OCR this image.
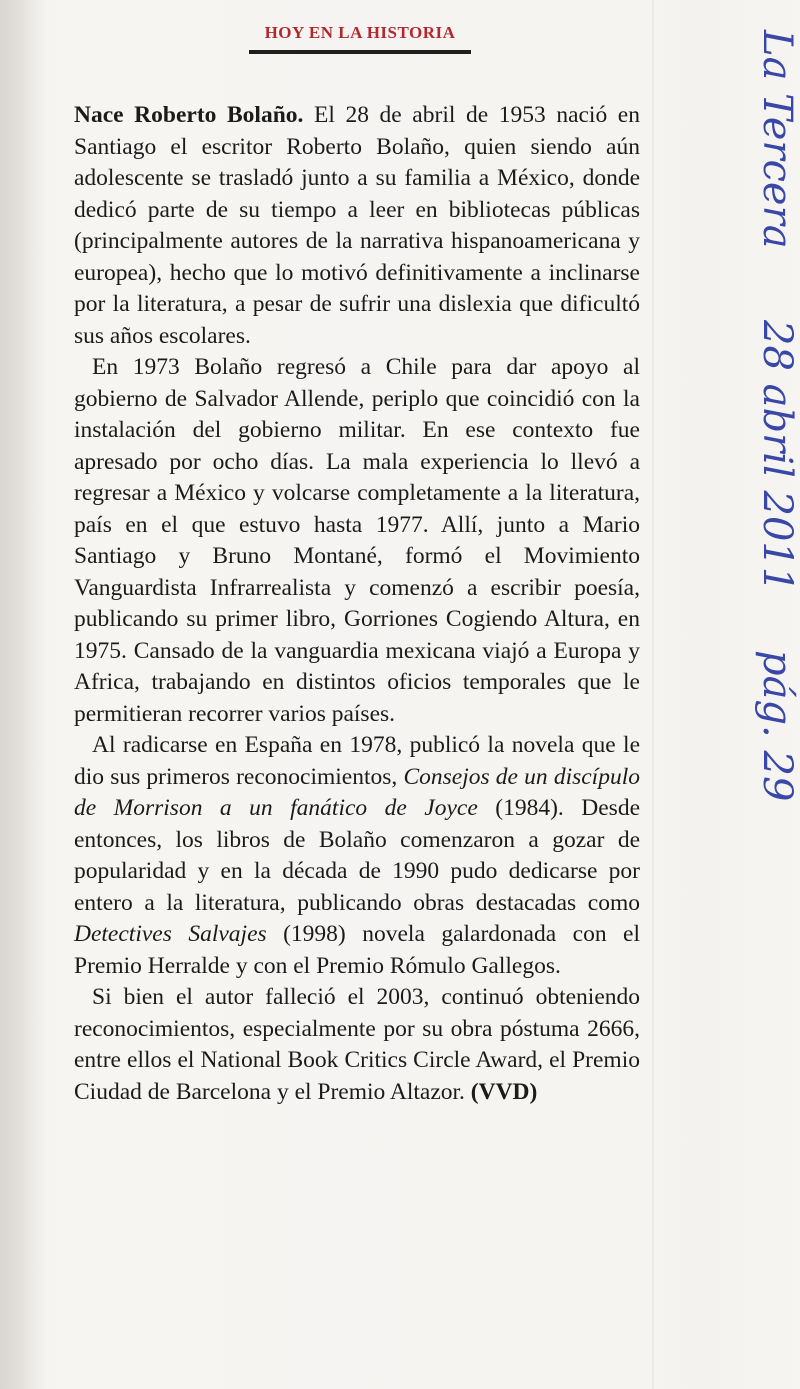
HOY EN LA HISTORIA

Nace Roberto Bolaño. El 28 de abril de 1953 nació en Santiago el escritor Roberto Bolaño, quien siendo aún adolescente se trasladó junto a su familia a México, donde dedicó parte de su tiempo a leer en bibliotecas públicas (principalmente autores de la narrativa hispanoamericana y europea), hecho que lo motivó definitivamente a inclinarse por la literatura, a pesar de sufrir una dislexia que dificultó sus años escolares.

En 1973 Bolaño regresó a Chile para dar apoyo al gobierno de Salvador Allende, periplo que coincidió con la instalación del gobierno militar. En ese contexto fue apresado por ocho días. La mala experiencia lo llevó a regresar a México y volcarse completamente a la literatura, país en el que estuvo hasta 1977. Allí, junto a Mario Santiago y Bruno Montané, formó el Movimiento Vanguardista Infrarrealista y comenzó a escribir poesía, publicando su primer libro, Gorriones Cogiendo Altura, en 1975. Cansado de la vanguardia mexicana viajó a Europa y Africa, trabajando en distintos oficios temporales que le permitieran recorrer varios países.

Al radicarse en España en 1978, publicó la novela que le dio sus primeros reconocimientos, Consejos de un discípulo de Morrison a un fanático de Joyce (1984). Desde entonces, los libros de Bolaño comenzaron a gozar de popularidad y en la década de 1990 pudo dedicarse por entero a la literatura, publicando obras destacadas como Detectives Salvajes (1998) novela galardonada con el Premio Herralde y con el Premio Rómulo Gallegos.

Si bien el autor falleció el 2003, continuó obteniendo reconocimientos, especialmente por su obra póstuma 2666, entre ellos el National Book Critics Circle Award, el Premio Ciudad de Barcelona y el Premio Altazor. (VVD)

La Tercera
28 abril 2011
pág. 29
